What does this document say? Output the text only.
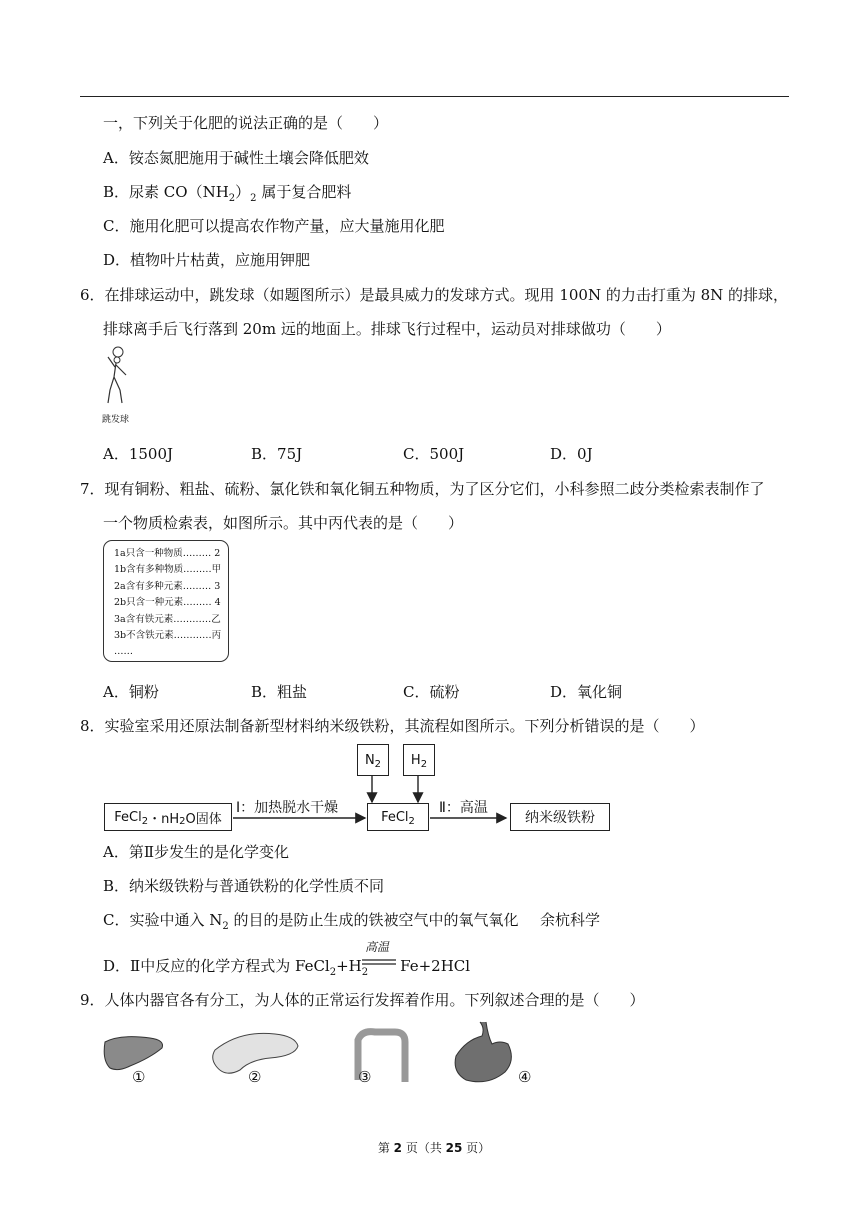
一，下列关于化肥的说法正确的是（　　）
A．铵态氮肥施用于碱性土壤会降低肥效
B．尿素 $CO(NH_2)_2$ 属于复合肥料
C．施用化肥可以提高农作物产量，应大量施用化肥
D．植物叶片枯黄，应施用钾肥
6．在排球运动中，跳发球（如题图所示）是最具威力的发球方式。现用 100N 的力击打重为 8N 的排球，
排球离手后飞行落到 20m 远的地面上。排球飞行过程中，运动员对排球做功（　　）
跳发球
A．1500J	B．75J	C．500J	D．0J
7．现有铜粉、粗盐、硫粉、氯化铁和氧化铜五种物质，为了区分它们，小科参照二歧分类检索表制作了
一个物质检索表，如图所示。其中丙代表的是（　　）
1a只含一种物质……… 2
1b含有多种物质………甲
2a含有多种元素……… 3
2b只含一种元素……… 4
3a含有铁元素…………乙
3b不含铁元素…………丙
……
A．铜粉	B．粗盐	C．硫粉	D．氧化铜
8．实验室采用还原法制备新型材料纳米级铁粉，其流程如图所示。下列分析错误的是（　　）
N 2 H 2
FeCl 2 ・nH 2 O固体
Ⅰ：加热脱水干燥
FeCl 2
Ⅱ：高温
纳米级铁粉
A．第Ⅱ步发生的是化学变化
B．纳米级铁粉与普通铁粉的化学性质不同
C．实验中通入 $N_2$ 的目的是防止生成的铁被空气中的氧气氧化 余杭科学
D．Ⅱ中反应的化学方程式为 $FeCl_2+H_2$ Fe+2HCl
高温
9．人体内器官各有分工，为人体的正常运行发挥着作用。下列叙述合理的是（　　）
①	②	③	④
第 2 页（共 25 页）
